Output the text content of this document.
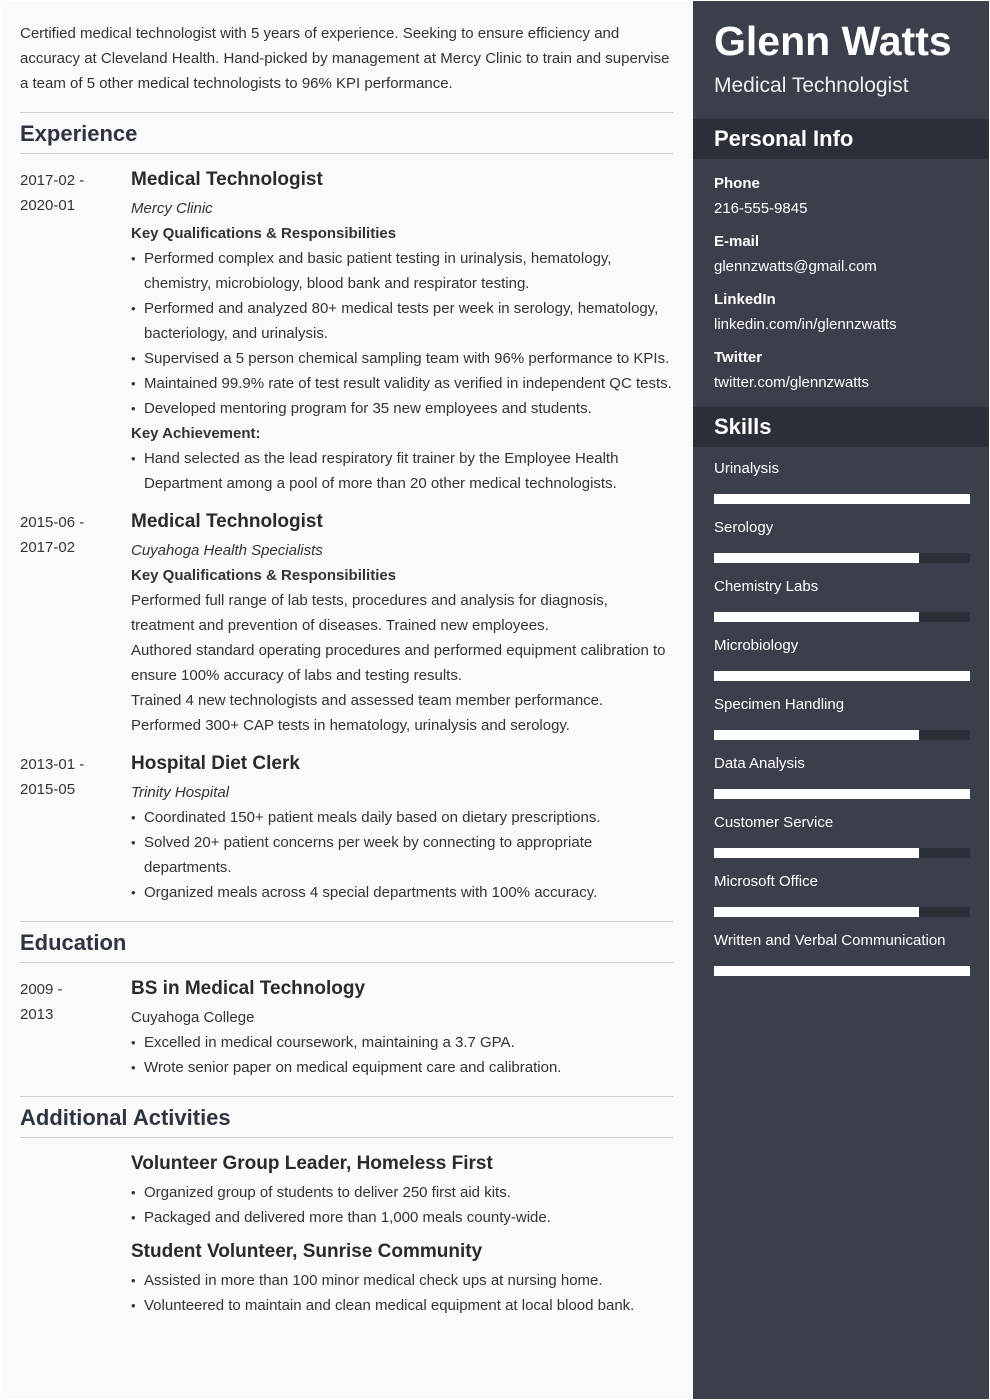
Certified medical technologist with 5 years of experience. Seeking to ensure efficiency and accuracy at Cleveland Health. Hand-picked by management at Mercy Clinic to train and supervise a team of 5 other medical technologists to 96% KPI performance.

Experience
2017-02 -
2020-01
Medical Technologist
Mercy Clinic
Key Qualifications & Responsibilities
• Performed complex and basic patient testing in urinalysis, hematology, chemistry, microbiology, blood bank and respirator testing.
• Performed and analyzed 80+ medical tests per week in serology, hematology, bacteriology, and urinalysis.
• Supervised a 5 person chemical sampling team with 96% performance to KPIs.
• Maintained 99.9% rate of test result validity as verified in independent QC tests.
• Developed mentoring program for 35 new employees and students.
Key Achievement:
• Hand selected as the lead respiratory fit trainer by the Employee Health Department among a pool of more than 20 other medical technologists.
2015-06 -
2017-02
Medical Technologist
Cuyahoga Health Specialists
Key Qualifications & Responsibilities

Performed full range of lab tests, procedures and analysis for diagnosis, treatment and prevention of diseases. Trained new employees.

Authored standard operating procedures and performed equipment calibration to ensure 100% accuracy of labs and testing results.

Trained 4 new technologists and assessed team member performance.

Performed 300+ CAP tests in hematology, urinalysis and serology.

2013-01 -
2015-05
Hospital Diet Clerk
Trinity Hospital
• Coordinated 150+ patient meals daily based on dietary prescriptions.
• Solved 20+ patient concerns per week by connecting to appropriate departments.
• Organized meals across 4 special departments with 100% accuracy.
Education
2009 -
2013
BS in Medical Technology
Cuyahoga College
• Excelled in medical coursework, maintaining a 3.7 GPA.
• Wrote senior paper on medical equipment care and calibration.
Additional Activities
Volunteer Group Leader, Homeless First
• Organized group of students to deliver 250 first aid kits.
• Packaged and delivered more than 1,000 meals county-wide.
Student Volunteer, Sunrise Community
• Assisted in more than 100 minor medical check ups at nursing home.
• Volunteered to maintain and clean medical equipment at local blood bank.
Glenn Watts
Medical Technologist
Personal Info
Phone
216-555-9845
E-mail
glennzwatts@gmail.com
LinkedIn
linkedin.com/in/glennzwatts
Twitter
twitter.com/glennzwatts
Skills
Urinalysis
Serology
Chemistry Labs
Microbiology
Specimen Handling
Data Analysis
Customer Service
Microsoft Office
Written and Verbal Communication
